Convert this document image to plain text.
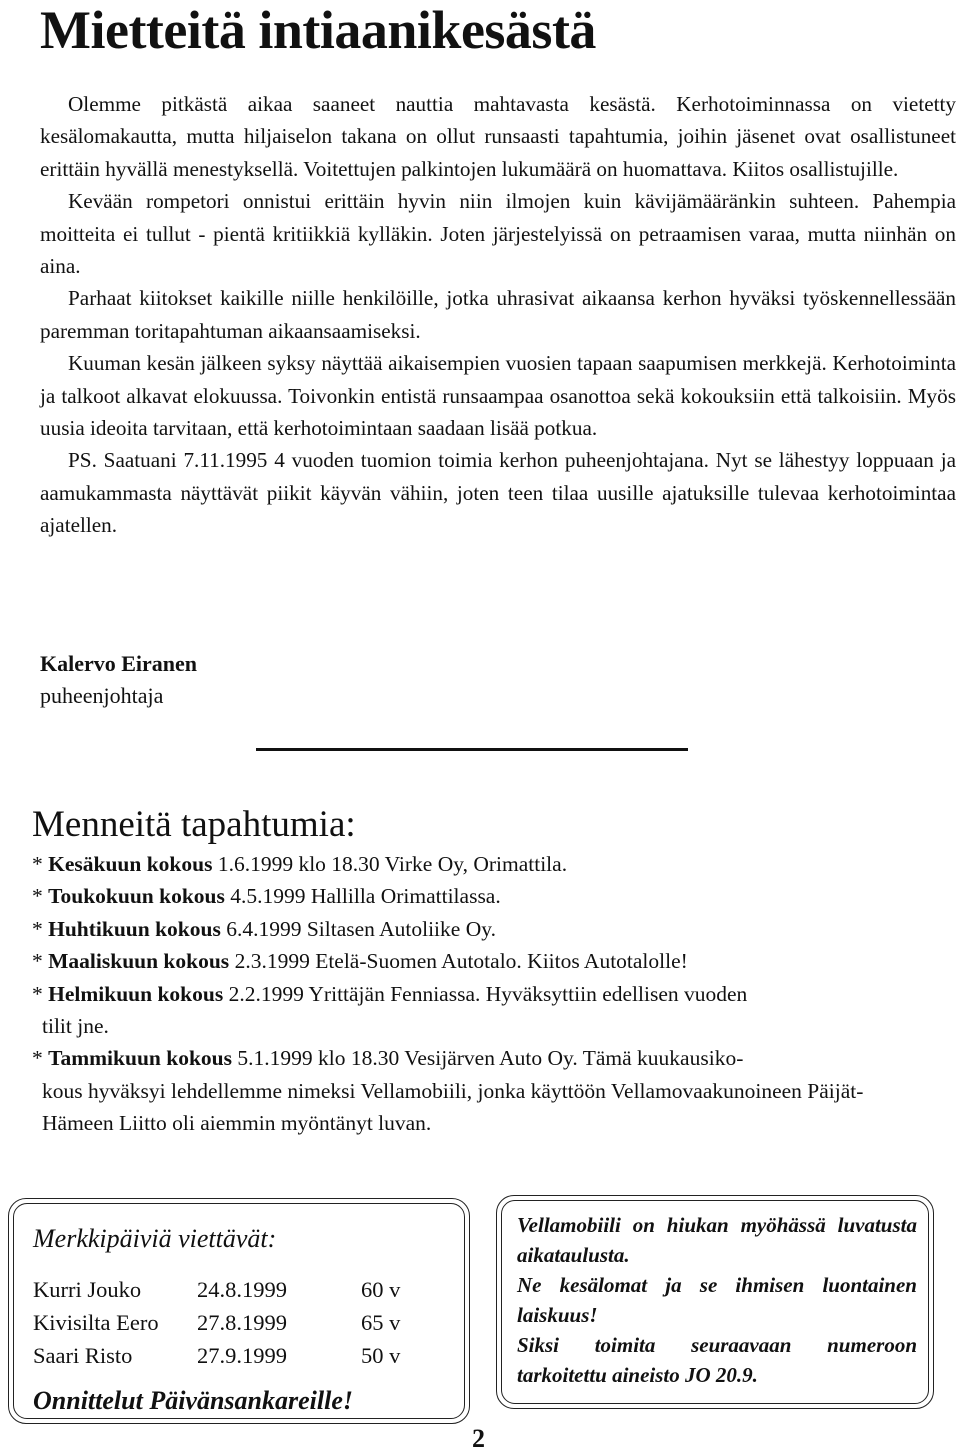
Mietteitä intiaanikesästä

Olemme pitkästä aikaa saaneet nauttia mahtavasta kesästä. Kerhotoiminnassa on vietetty kesälomakautta, mutta hiljaiselon takana on ollut runsaasti tapahtumia, joihin jäsenet ovat osallistuneet erittäin hyvällä menestyksellä. Voitettujen palkintojen lukumäärä on huomattava. Kiitos osallistujille.

Kevään rompetori onnistui erittäin hyvin niin ilmojen kuin kävijämääränkin suhteen. Pahempia moitteita ei tullut - pientä kritiikkiä kylläkin. Joten järjestelyissä on petraamisen varaa, mutta niinhän on aina.

Parhaat kiitokset kaikille niille henkilöille, jotka uhrasivat aikaansa kerhon hyväksi työskennellessään paremman toritapahtuman aikaansaamiseksi.

Kuuman kesän jälkeen syksy näyttää aikaisempien vuosien tapaan saapumisen merkkejä. Kerhotoiminta ja talkoot alkavat elokuussa. Toivonkin entistä runsaampaa osanottoa sekä kokouksiin että talkoisiin. Myös uusia ideoita tarvitaan, että kerhotoimintaan saadaan lisää potkua.

PS. Saatuani 7.11.1995 4 vuoden tuomion toimia kerhon puheenjohtajana. Nyt se lähestyy loppuaan ja aamukammasta näyttävät piikit käyvän vähiin, joten teen tilaa uusille ajatuksille tulevaa kerhotoimintaa ajatellen.

Kalervo Eiranen
puheenjohtaja
Menneitä tapahtumia:
* Kesäkuun kokous 1.6.1999 klo 18.30 Virke Oy, Orimattila.
* Toukokuun kokous 4.5.1999 Hallilla Orimattilassa.
* Huhtikuun kokous 6.4.1999 Siltasen Autoliike Oy.
* Maaliskuun kokous 2.3.1999 Etelä-Suomen Autotalo. Kiitos Autotalolle!
* Helmikuun kokous 2.2.1999 Yrittäjän Fenniassa. Hyväksyttiin edellisen vuoden
tilit jne.
* Tammikuun kokous 5.1.1999 klo 18.30 Vesijärven Auto Oy. Tämä kuukausiko-
kous hyväksyi lehdellemme nimeksi Vellamobiili, jonka käyttöön Vellamovaakunoineen Päijät-Hämeen Liitto oli aiemmin myöntänyt luvan.
Merkkipäiviä viettävät:
Kurri Jouko	24.8.1999	60 v
Kivisilta Eero	27.8.1999	65 v
Saari Risto	27.9.1999	50 v
Onnittelut Päivänsankareille!

Vellamobiili on hiukan myöhässä luvatusta aikataulusta.

Ne kesälomat ja se ihmisen luontainen laiskuus!

Siksi toimita seuraavaan numeroon tarkoitettu aineisto JO 20.9.

2
